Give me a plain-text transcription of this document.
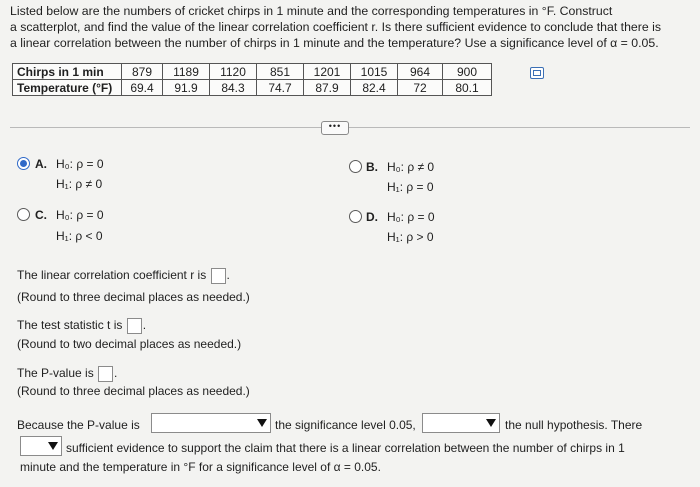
Listed below are the numbers of cricket chirps in 1 minute and the corresponding temperatures in °F. Construct
a scatterplot, and find the value of the linear correlation coefficient r. Is there sufficient evidence to conclude that there is
a linear correlation between the number of chirps in 1 minute and the temperature? Use a significance level of α = 0.05.
Chirps in 1 min	879	1189	1120	851	1201	1015	964	900
Temperature (°F)	69.4	91.9	84.3	74.7	87.9	82.4	72	80.1
•••
A. H₀: ρ = 0
H₁: ρ ≠ 0
B. H₀: ρ ≠ 0
H₁: ρ = 0
C. H₀: ρ = 0
H₁: ρ < 0
D. H₀: ρ = 0
H₁: ρ > 0
The linear correlation coefficient r is .
(Round to three decimal places as needed.)
The test statistic t is .
(Round to two decimal places as needed.)
The P-value is .
(Round to three decimal places as needed.)
Because the P-value is	the significance level 0.05,	the null hypothesis. There
sufficient evidence to support the claim that there is a linear correlation between the number of chirps in 1
minute and the temperature in °F for a significance level of α = 0.05.
